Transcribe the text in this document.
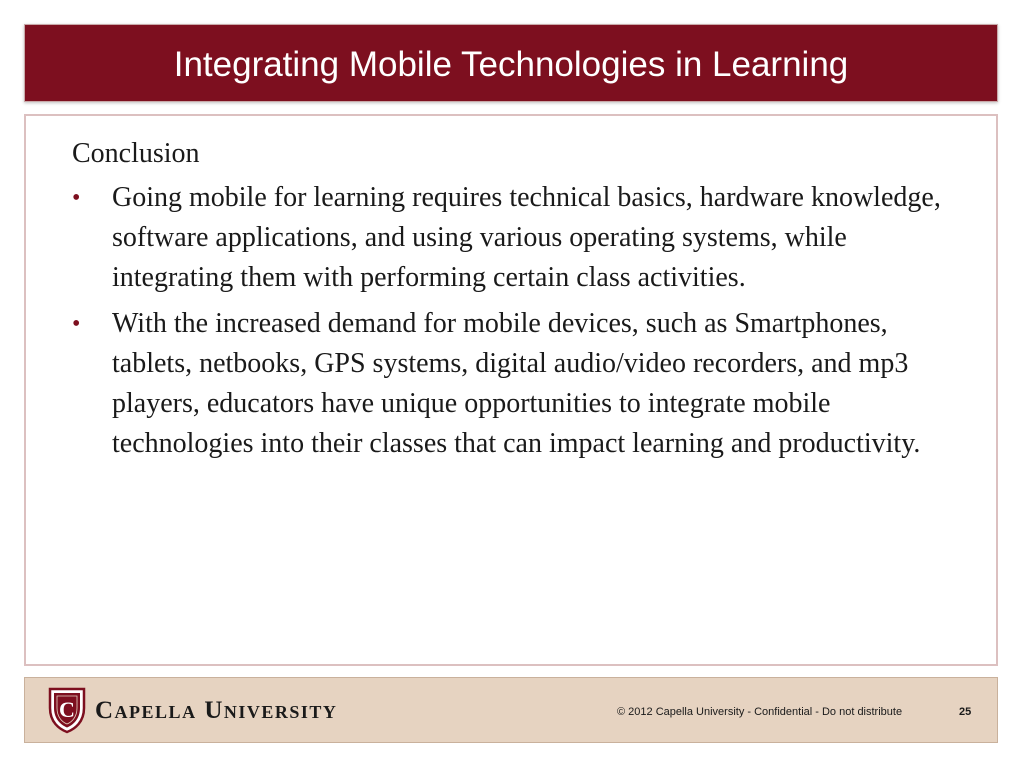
Integrating Mobile Technologies in Learning
Conclusion
• Going mobile for learning requires technical basics, hardware knowledge, software applications, and using various operating systems, while integrating them with performing certain class activities.
• With the increased demand for mobile devices, such as Smartphones, tablets, netbooks, GPS systems, digital audio/video recorders, and mp3 players, educators have unique opportunities to integrate mobile technologies into their classes that can impact learning and productivity.
C Capella University	© 2012 Capella University - Confidential - Do not distribute	25
